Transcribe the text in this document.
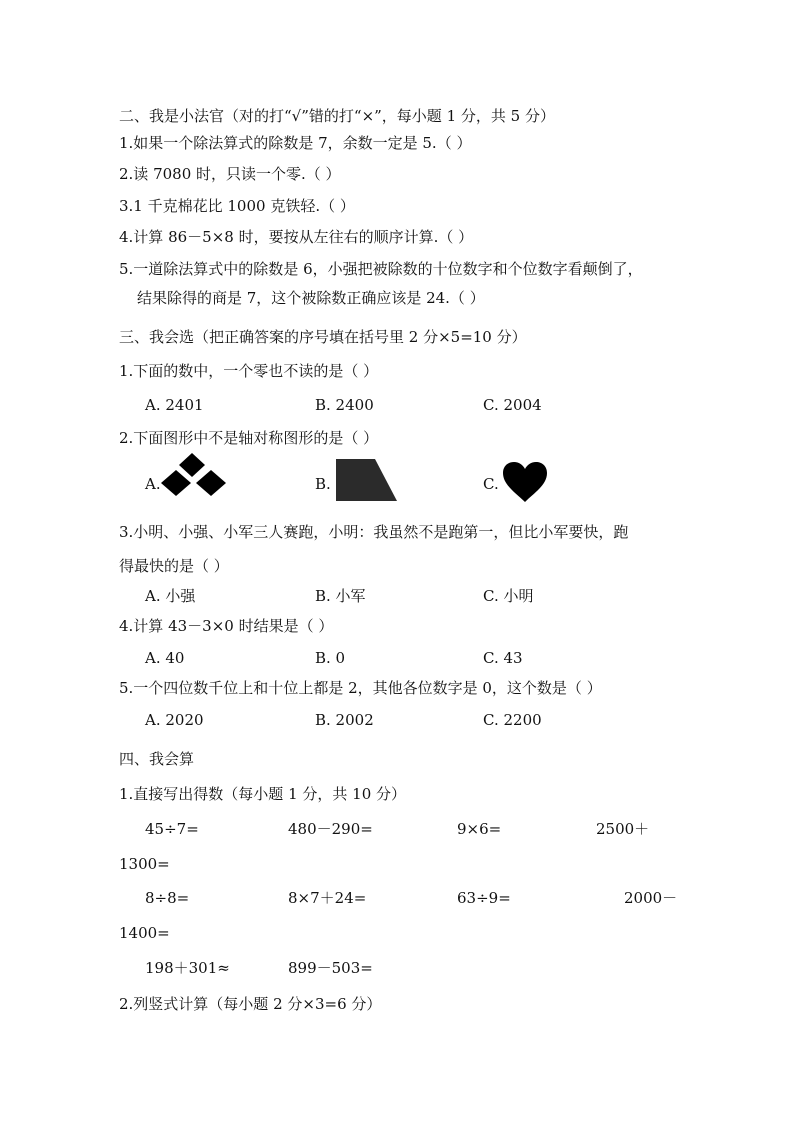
二、我是小法官（对的打“√”错的打“×”，每小题 1 分，共 5 分）
1.如果一个除法算式的除数是 7，余数一定是 5.（ ）
2.读 7080 时，只读一个零.（ ）
3.1 千克棉花比 1000 克铁轻.（ ）
4.计算 86－5×8 时，要按从左往右的顺序计算.（ ）
5.一道除法算式中的除数是 6，小强把被除数的十位数字和个位数字看颠倒了，
结果除得的商是 7，这个被除数正确应该是 24.（ ）
三、我会选（把正确答案的序号填在括号里 2 分×5=10 分）
1.下面的数中，一个零也不读的是（ ）
A. 2401	B. 2400	C. 2004
2.下面图形中不是轴对称图形的是（ ）
A.	B.	C.
3.小明、小强、小军三人赛跑，小明：我虽然不是跑第一，但比小军要快，跑
得最快的是（ ）
A. 小强	B. 小军	C. 小明
4.计算 43－3×0 时结果是（ ）
A. 40	B. 0	C. 43
5.一个四位数千位上和十位上都是 2，其他各位数字是 0，这个数是（ ）
A. 2020	B. 2002	C. 2200
四、我会算
1.直接写出得数（每小题 1 分，共 10 分）
45÷7=	480－290=	9×6=	2500＋
1300=
8÷8=	8×7＋24=	63÷9=	2000－
1400=
198＋301≈	899－503=
2.列竖式计算（每小题 2 分×3=6 分）
